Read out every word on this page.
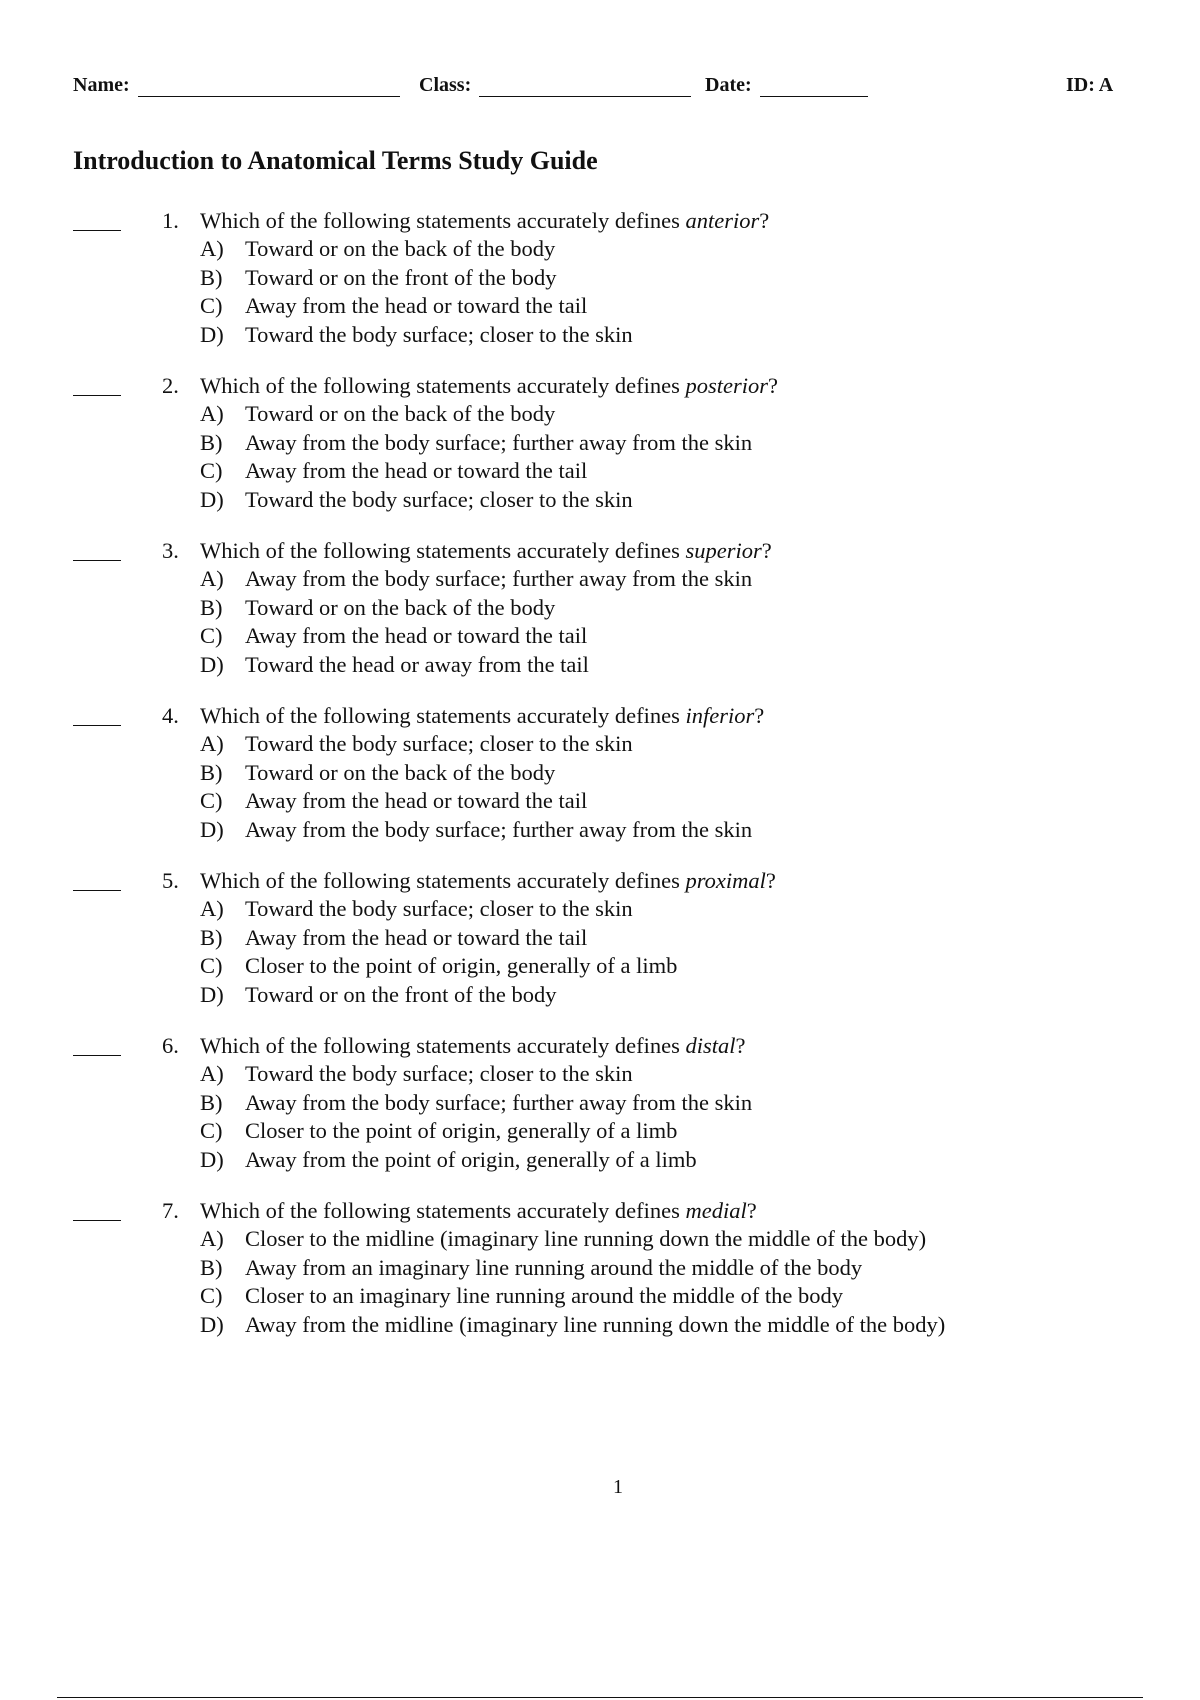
Name:	Class:	Date:	ID: A
Introduction to Anatomical Terms Study Guide
1. Which of the following statements accurately defines anterior?
A) Toward or on the back of the body
B) Toward or on the front of the body
C) Away from the head or toward the tail
D) Toward the body surface; closer to the skin
2. Which of the following statements accurately defines posterior?
A) Toward or on the back of the body
B) Away from the body surface; further away from the skin
C) Away from the head or toward the tail
D) Toward the body surface; closer to the skin
3. Which of the following statements accurately defines superior?
A) Away from the body surface; further away from the skin
B) Toward or on the back of the body
C) Away from the head or toward the tail
D) Toward the head or away from the tail
4. Which of the following statements accurately defines inferior?
A) Toward the body surface; closer to the skin
B) Toward or on the back of the body
C) Away from the head or toward the tail
D) Away from the body surface; further away from the skin
5. Which of the following statements accurately defines proximal?
A) Toward the body surface; closer to the skin
B) Away from the head or toward the tail
C) Closer to the point of origin, generally of a limb
D) Toward or on the front of the body
6. Which of the following statements accurately defines distal?
A) Toward the body surface; closer to the skin
B) Away from the body surface; further away from the skin
C) Closer to the point of origin, generally of a limb
D) Away from the point of origin, generally of a limb
7. Which of the following statements accurately defines medial?
A) Closer to the midline (imaginary line running down the middle of the body)
B) Away from an imaginary line running around the middle of the body
C) Closer to an imaginary line running around the middle of the body
D) Away from the midline (imaginary line running down the middle of the body)
1
